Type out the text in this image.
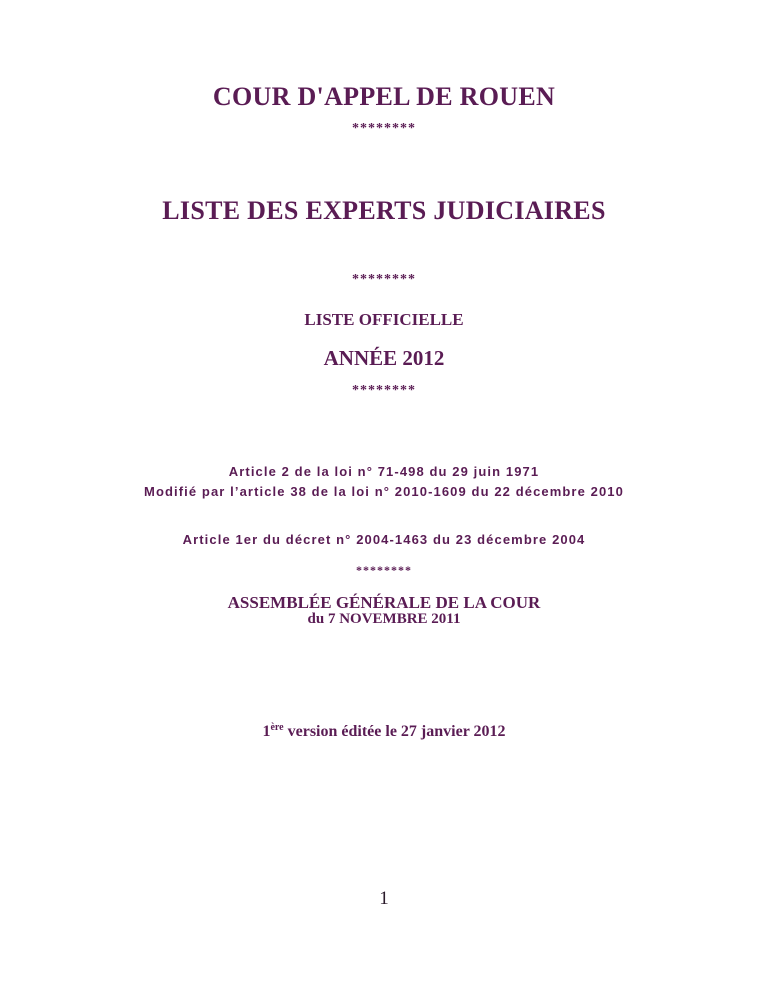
COUR D'APPEL DE ROUEN
********
LISTE DES EXPERTS JUDICIAIRES
********
LISTE OFFICIELLE
ANNÉE 2012
********
Article 2 de la loi n° 71-498 du 29 juin 1971
Modifié par l’article 38 de la loi n° 2010-1609 du 22 décembre 2010
Article 1er du décret n° 2004-1463 du 23 décembre 2004
********
ASSEMBLÉE GÉNÉRALE DE LA COUR
du 7 NOVEMBRE 2011
1ère version éditée le 27 janvier 2012
1
